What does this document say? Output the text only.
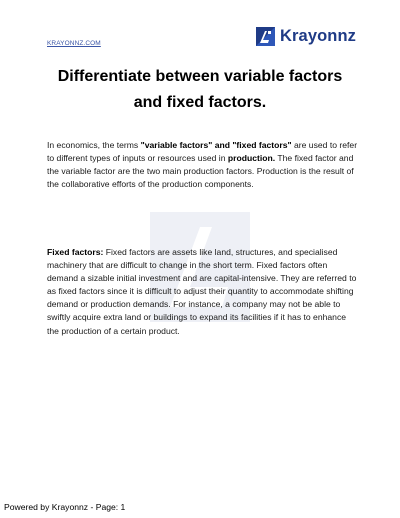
KRAYONNZ.COM	Krayonnz
Differentiate between variable factors
and fixed factors.
In economics, the terms "variable factors" and "fixed factors" are used to refer to different types of inputs or resources used in production. The fixed factor and the variable factor are the two main production factors. Production is the result of the collaborative efforts of the production components.
Fixed factors: Fixed factors are assets like land, structures, and specialised machinery that are difficult to change in the short term. Fixed factors often demand a sizable initial investment and are capital-intensive. They are referred to as fixed factors since it is difficult to adjust their quantity to accommodate shifting demand or production demands. For instance, a company may not be able to swiftly acquire extra land or buildings to expand its facilities if it has to enhance the production of a certain product.
Powered by Krayonnz - Page: 1
